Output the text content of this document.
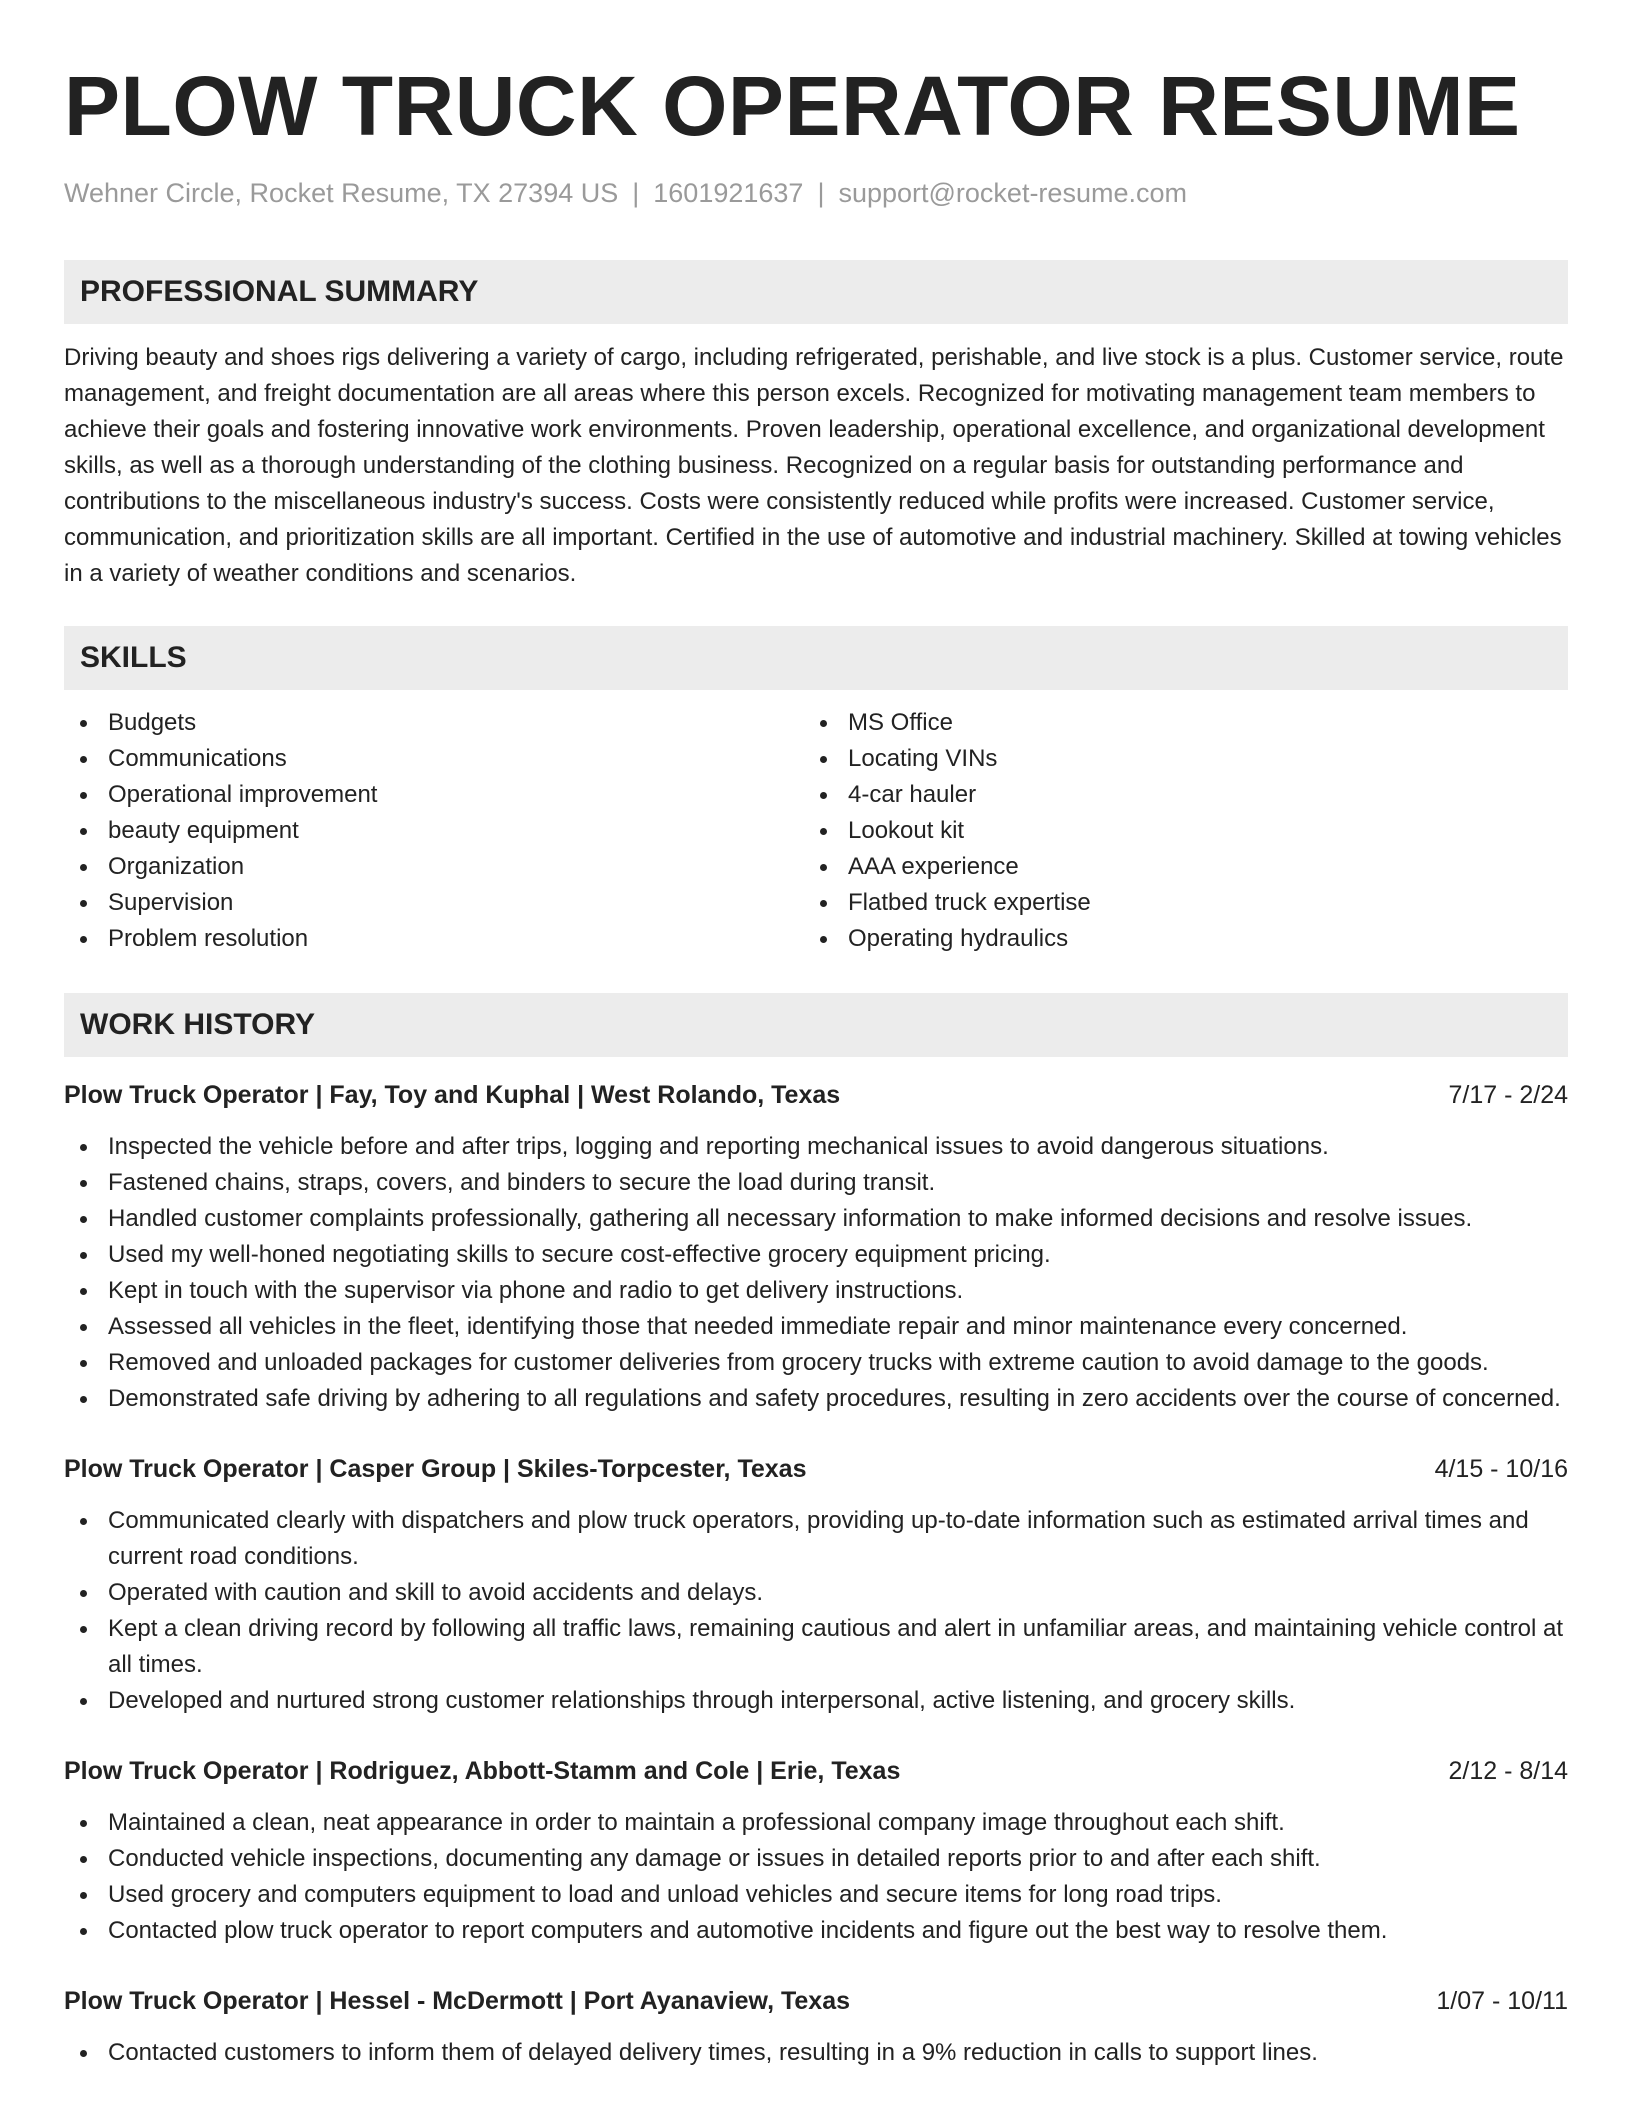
PLOW TRUCK OPERATOR RESUME
Wehner Circle, Rocket Resume, TX 27394 US | 1601921637 | support@rocket-resume.com
PROFESSIONAL SUMMARY

Driving beauty and shoes rigs delivering a variety of cargo, including refrigerated, perishable, and live stock is a plus. Customer service, route management, and freight documentation are all areas where this person excels. Recognized for motivating management team members to achieve their goals and fostering innovative work environments. Proven leadership, operational excellence, and organizational development skills, as well as a thorough understanding of the clothing business. Recognized on a regular basis for outstanding performance and contributions to the miscellaneous industry's success. Costs were consistently reduced while profits were increased. Customer service, communication, and prioritization skills are all important. Certified in the use of automotive and industrial machinery. Skilled at towing vehicles in a variety of weather conditions and scenarios.

SKILLS
Budgets
Communications
Operational improvement
beauty equipment
Organization
Supervision
Problem resolution
MS Office
Locating VINs
4-car hauler
Lookout kit
AAA experience
Flatbed truck expertise
Operating hydraulics
WORK HISTORY
Plow Truck Operator | Fay, Toy and Kuphal | West Rolando, Texas	7/17 - 2/24
Inspected the vehicle before and after trips, logging and reporting mechanical issues to avoid dangerous situations.
Fastened chains, straps, covers, and binders to secure the load during transit.
Handled customer complaints professionally, gathering all necessary information to make informed decisions and resolve issues.
Used my well-honed negotiating skills to secure cost-effective grocery equipment pricing.
Kept in touch with the supervisor via phone and radio to get delivery instructions.
Assessed all vehicles in the fleet, identifying those that needed immediate repair and minor maintenance every concerned.
Removed and unloaded packages for customer deliveries from grocery trucks with extreme caution to avoid damage to the goods.
Demonstrated safe driving by adhering to all regulations and safety procedures, resulting in zero accidents over the course of concerned.
Plow Truck Operator | Casper Group | Skiles-Torpcester, Texas	4/15 - 10/16
Communicated clearly with dispatchers and plow truck operators, providing up-to-date information such as estimated arrival times and current road conditions.
Operated with caution and skill to avoid accidents and delays.
Kept a clean driving record by following all traffic laws, remaining cautious and alert in unfamiliar areas, and maintaining vehicle control at all times.
Developed and nurtured strong customer relationships through interpersonal, active listening, and grocery skills.
Plow Truck Operator | Rodriguez, Abbott-Stamm and Cole | Erie, Texas	2/12 - 8/14
Maintained a clean, neat appearance in order to maintain a professional company image throughout each shift.
Conducted vehicle inspections, documenting any damage or issues in detailed reports prior to and after each shift.
Used grocery and computers equipment to load and unload vehicles and secure items for long road trips.
Contacted plow truck operator to report computers and automotive incidents and figure out the best way to resolve them.
Plow Truck Operator | Hessel - McDermott | Port Ayanaview, Texas	1/07 - 10/11
Contacted customers to inform them of delayed delivery times, resulting in a 9% reduction in calls to support lines.
